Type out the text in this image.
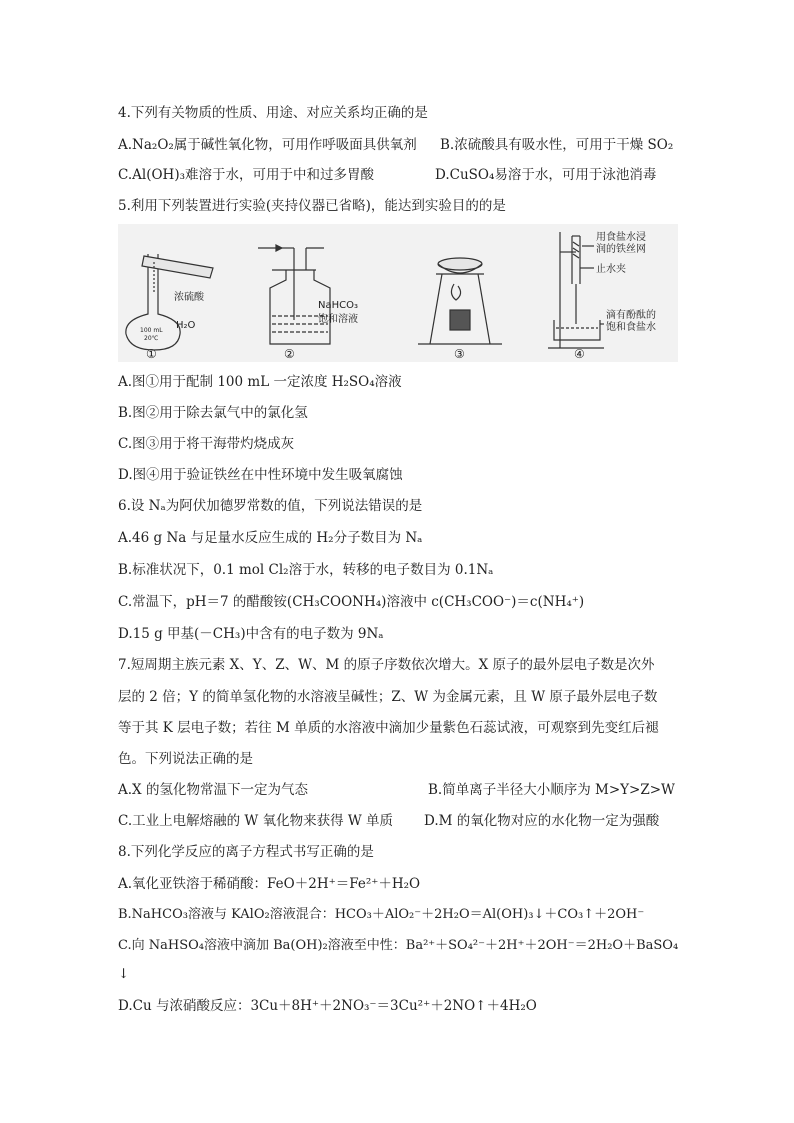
4.下列有关物质的性质、用途、对应关系均正确的是
A.Na₂O₂属于碱性氧化物，可用作呼吸面具供氧剂 B.浓硫酸具有吸水性，可用于干燥 SO₂
C.Al(OH)₃难溶于水，可用于中和过多胃酸	D.CuSO₄易溶于水，可用于泳池消毒
5.利用下列装置进行实验(夹持仪器已省略)，能达到实验目的的是
浓硫酸
H₂O
100 mL
20℃
①
NaHCO₃
饱和溶液
②	③
用食盐水浸
润的铁丝网
止水夹
滴有酚酞的
饱和食盐水
④
A.图①用于配制 100 mL 一定浓度 H₂SO₄溶液
B.图②用于除去氯气中的氯化氢
C.图③用于将干海带灼烧成灰
D.图④用于验证铁丝在中性环境中发生吸氧腐蚀
6.设 Nₐ为阿伏加德罗常数的值，下列说法错误的是
A.46 g Na 与足量水反应生成的 H₂分子数目为 Nₐ
B.标准状况下，0.1 mol Cl₂溶于水，转移的电子数目为 0.1Nₐ
C.常温下，pH＝7 的醋酸铵(CH₃COONH₄)溶液中 c(CH₃COO⁻)＝c(NH₄⁺)
D.15 g 甲基(－CH₃)中含有的电子数为 9Nₐ
7.短周期主族元素 X、Y、Z、W、M 的原子序数依次增大。X 原子的最外层电子数是次外
层的 2 倍；Y 的简单氢化物的水溶液呈碱性；Z、W 为金属元素，且 W 原子最外层电子数
等于其 K 层电子数；若往 M 单质的水溶液中滴加少量紫色石蕊试液，可观察到先变红后褪
色。下列说法正确的是
A.X 的氢化物常温下一定为气态	B.简单离子半径大小顺序为 M>Y>Z>W
C.工业上电解熔融的 W 氧化物来获得 W 单质 D.M 的氧化物对应的水化物一定为强酸
8.下列化学反应的离子方程式书写正确的是
A.氧化亚铁溶于稀硝酸：FeO＋2H⁺＝Fe²⁺＋H₂O
B.NaHCO₃溶液与 KAlO₂溶液混合：HCO₃＋AlO₂⁻＋2H₂O＝Al(OH)₃↓＋CO₃↑＋2OH⁻
C.向 NaHSO₄溶液中滴加 Ba(OH)₂溶液至中性：Ba²⁺＋SO₄²⁻＋2H⁺＋2OH⁻＝2H₂O＋BaSO₄
↓
D.Cu 与浓硝酸反应：3Cu＋8H⁺＋2NO₃⁻＝3Cu²⁺＋2NO↑＋4H₂O
